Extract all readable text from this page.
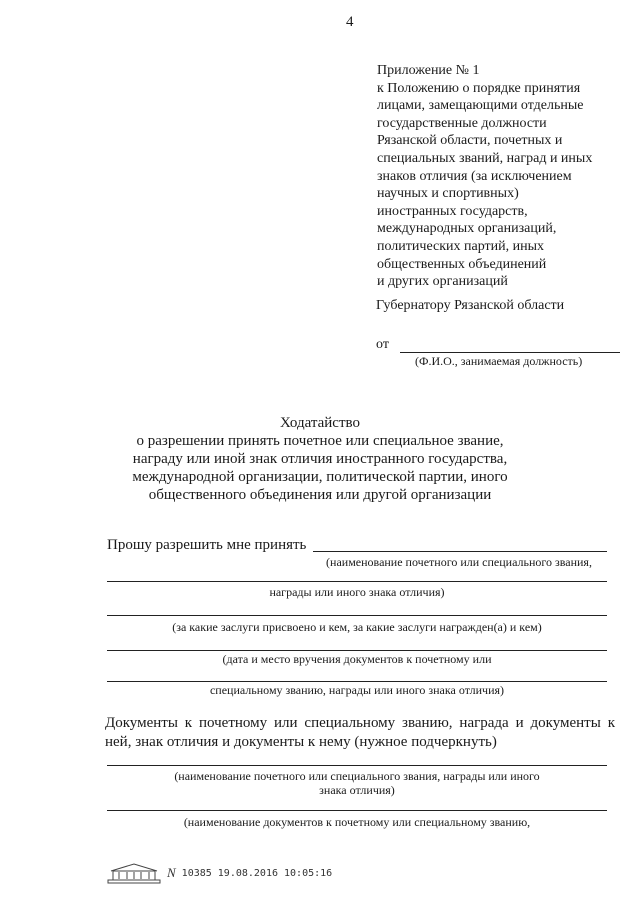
4
Приложение № 1
к Положению о порядке принятия
лицами, замещающими отдельные
государственные должности
Рязанской области, почетных и
специальных званий, наград и иных
знаков отличия (за исключением
научных и спортивных)
иностранных государств,
международных организаций,
политических партий, иных
общественных объединений
и других организаций
Губернатору Рязанской области
от
(Ф.И.О., занимаемая должность)
Ходатайство
о разрешении принять почетное или специальное звание,
награду или иной знак отличия иностранного государства,
международной организации, политической партии, иного
общественного объединения или другой организации
Прошу разрешить мне принять
(наименование почетного или специального звания,
награды или иного знака отличия)
(за какие заслуги присвоено и кем, за какие заслуги награжден(а) и кем)
(дата и место вручения документов к почетному или
специальному званию, награды или иного знака отличия)
Документы к почетному или специальному званию, награда и документы к ней, знак отличия и документы к нему (нужное подчеркнуть)
(наименование почетного или специального звания, награды или иного
знака отличия)
(наименование документов к почетному или специальному званию,
N 10385 19.08.2016 10:05:16
